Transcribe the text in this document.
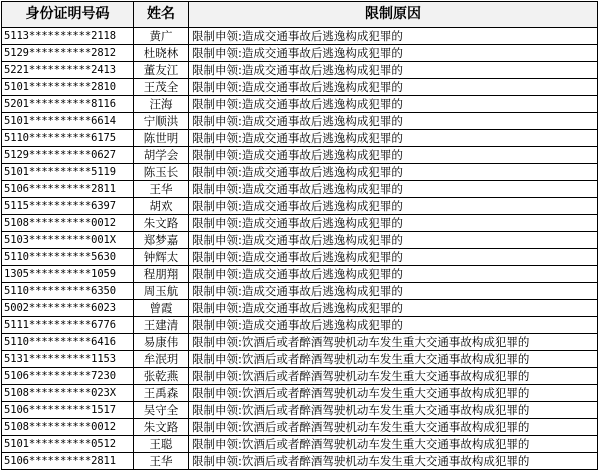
身份证明号码	姓名	限制原因
5113**********2118	黄广	限制申领:造成交通事故后逃逸构成犯罪的
5129**********2812	杜晓林	限制申领:造成交通事故后逃逸构成犯罪的
5221**********2413	董友江	限制申领:造成交通事故后逃逸构成犯罪的
5101**********2810	王茂全	限制申领:造成交通事故后逃逸构成犯罪的
5201**********8116	汪海	限制申领:造成交通事故后逃逸构成犯罪的
5101**********6614	宁顺洪	限制申领:造成交通事故后逃逸构成犯罪的
5110**********6175	陈世明	限制申领:造成交通事故后逃逸构成犯罪的
5129**********0627	胡学会	限制申领:造成交通事故后逃逸构成犯罪的
5101**********5119	陈玉长	限制申领:造成交通事故后逃逸构成犯罪的
5106**********2811	王华	限制申领:造成交通事故后逃逸构成犯罪的
5115**********6397	胡欢	限制申领:造成交通事故后逃逸构成犯罪的
5108**********0012	朱文路	限制申领:造成交通事故后逃逸构成犯罪的
5103**********001X	郑梦嘉	限制申领:造成交通事故后逃逸构成犯罪的
5110**********5630	钟辉太	限制申领:造成交通事故后逃逸构成犯罪的
1305**********1059	程朋翔	限制申领:造成交通事故后逃逸构成犯罪的
5110**********6350	周玉航	限制申领:造成交通事故后逃逸构成犯罪的
5002**********6023	曾霞	限制申领:造成交通事故后逃逸构成犯罪的
5111**********6776	王建清	限制申领:造成交通事故后逃逸构成犯罪的
5110**********6416	易康伟	限制申领:饮酒后或者醉酒驾驶机动车发生重大交通事故构成犯罪的
5131**********1153	牟泯玥	限制申领:饮酒后或者醉酒驾驶机动车发生重大交通事故构成犯罪的
5106**********7230	张乾燕	限制申领:饮酒后或者醉酒驾驶机动车发生重大交通事故构成犯罪的
5108**********023X	王禹森	限制申领:饮酒后或者醉酒驾驶机动车发生重大交通事故构成犯罪的
5106**********1517	吴守全	限制申领:饮酒后或者醉酒驾驶机动车发生重大交通事故构成犯罪的
5108**********0012	朱文路	限制申领:饮酒后或者醉酒驾驶机动车发生重大交通事故构成犯罪的
5101**********0512	王聪	限制申领:饮酒后或者醉酒驾驶机动车发生重大交通事故构成犯罪的
5106**********2811	王华	限制申领:饮酒后或者醉酒驾驶机动车发生重大交通事故构成犯罪的
